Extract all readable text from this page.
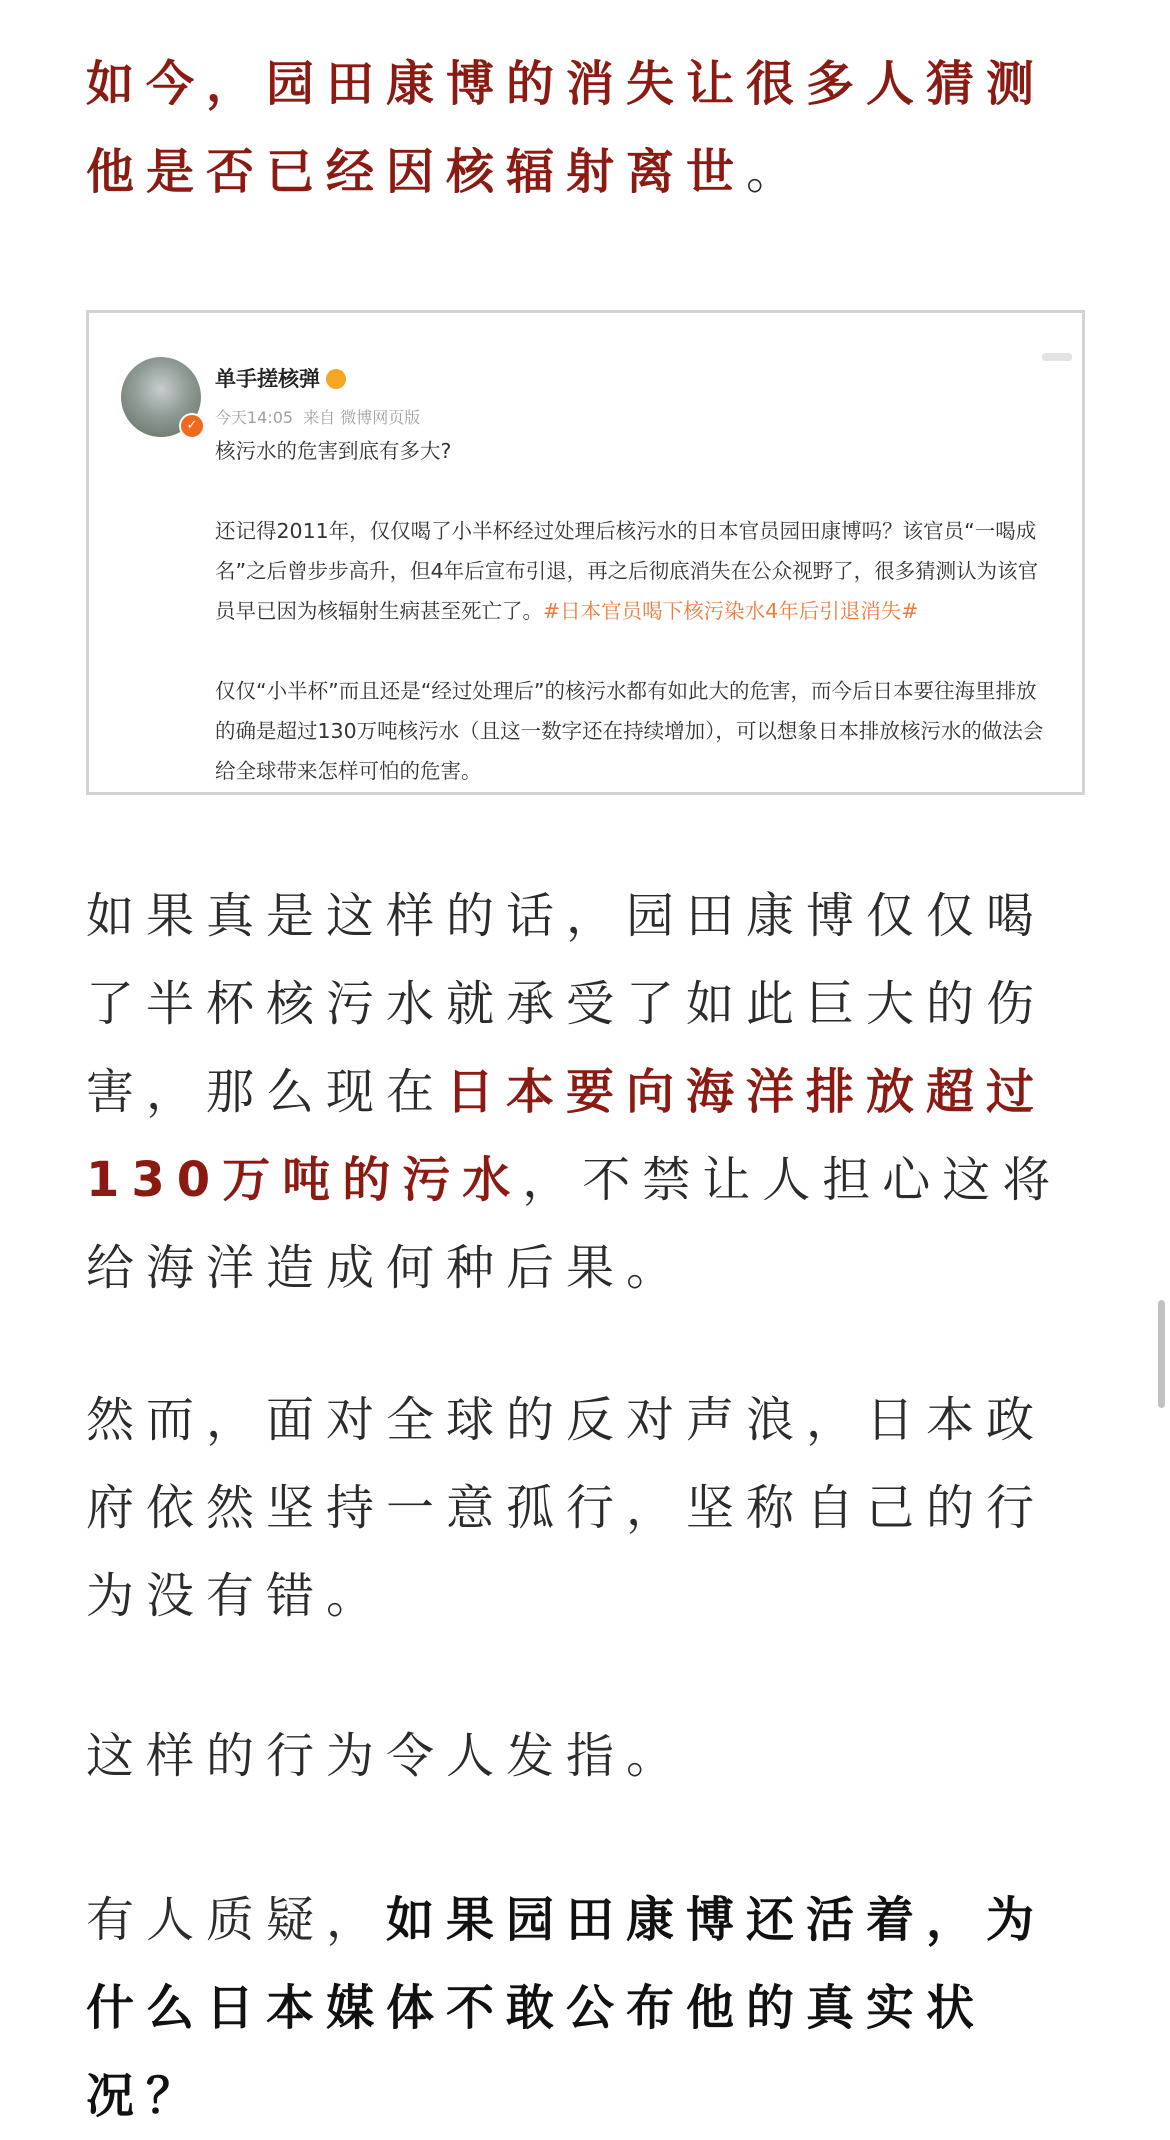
如今，园田康博的消失让很多人猜测他是否已经因核辐射离世。
✓
单手搓核弹
今天14:05 来自 微博网页版
核污水的危害到底有多大?
还记得2011年，仅仅喝了小半杯经过处理后核污水的日本官员园田康博吗？该官员“一喝成名”之后曾步步高升，但4年后宣布引退，再之后彻底消失在公众视野了，很多猜测认为该官员早已因为核辐射生病甚至死亡了。#日本官员喝下核污染水4年后引退消失#
仅仅“小半杯”而且还是“经过处理后”的核污水都有如此大的危害，而今后日本要往海里排放的确是超过130万吨核污水（且这一数字还在持续增加），可以想象日本排放核污水的做法会给全球带来怎样可怕的危害。
如果真是这样的话，园田康博仅仅喝了半杯核污水就承受了如此巨大的伤害，那么现在日本要向海洋排放超过130万吨的污水，不禁让人担心这将给海洋造成何种后果。
然而，面对全球的反对声浪，日本政府依然坚持一意孤行，坚称自己的行为没有错。
这样的行为令人发指。
有人质疑，如果园田康博还活着，为什么日本媒体不敢公布他的真实状况？
